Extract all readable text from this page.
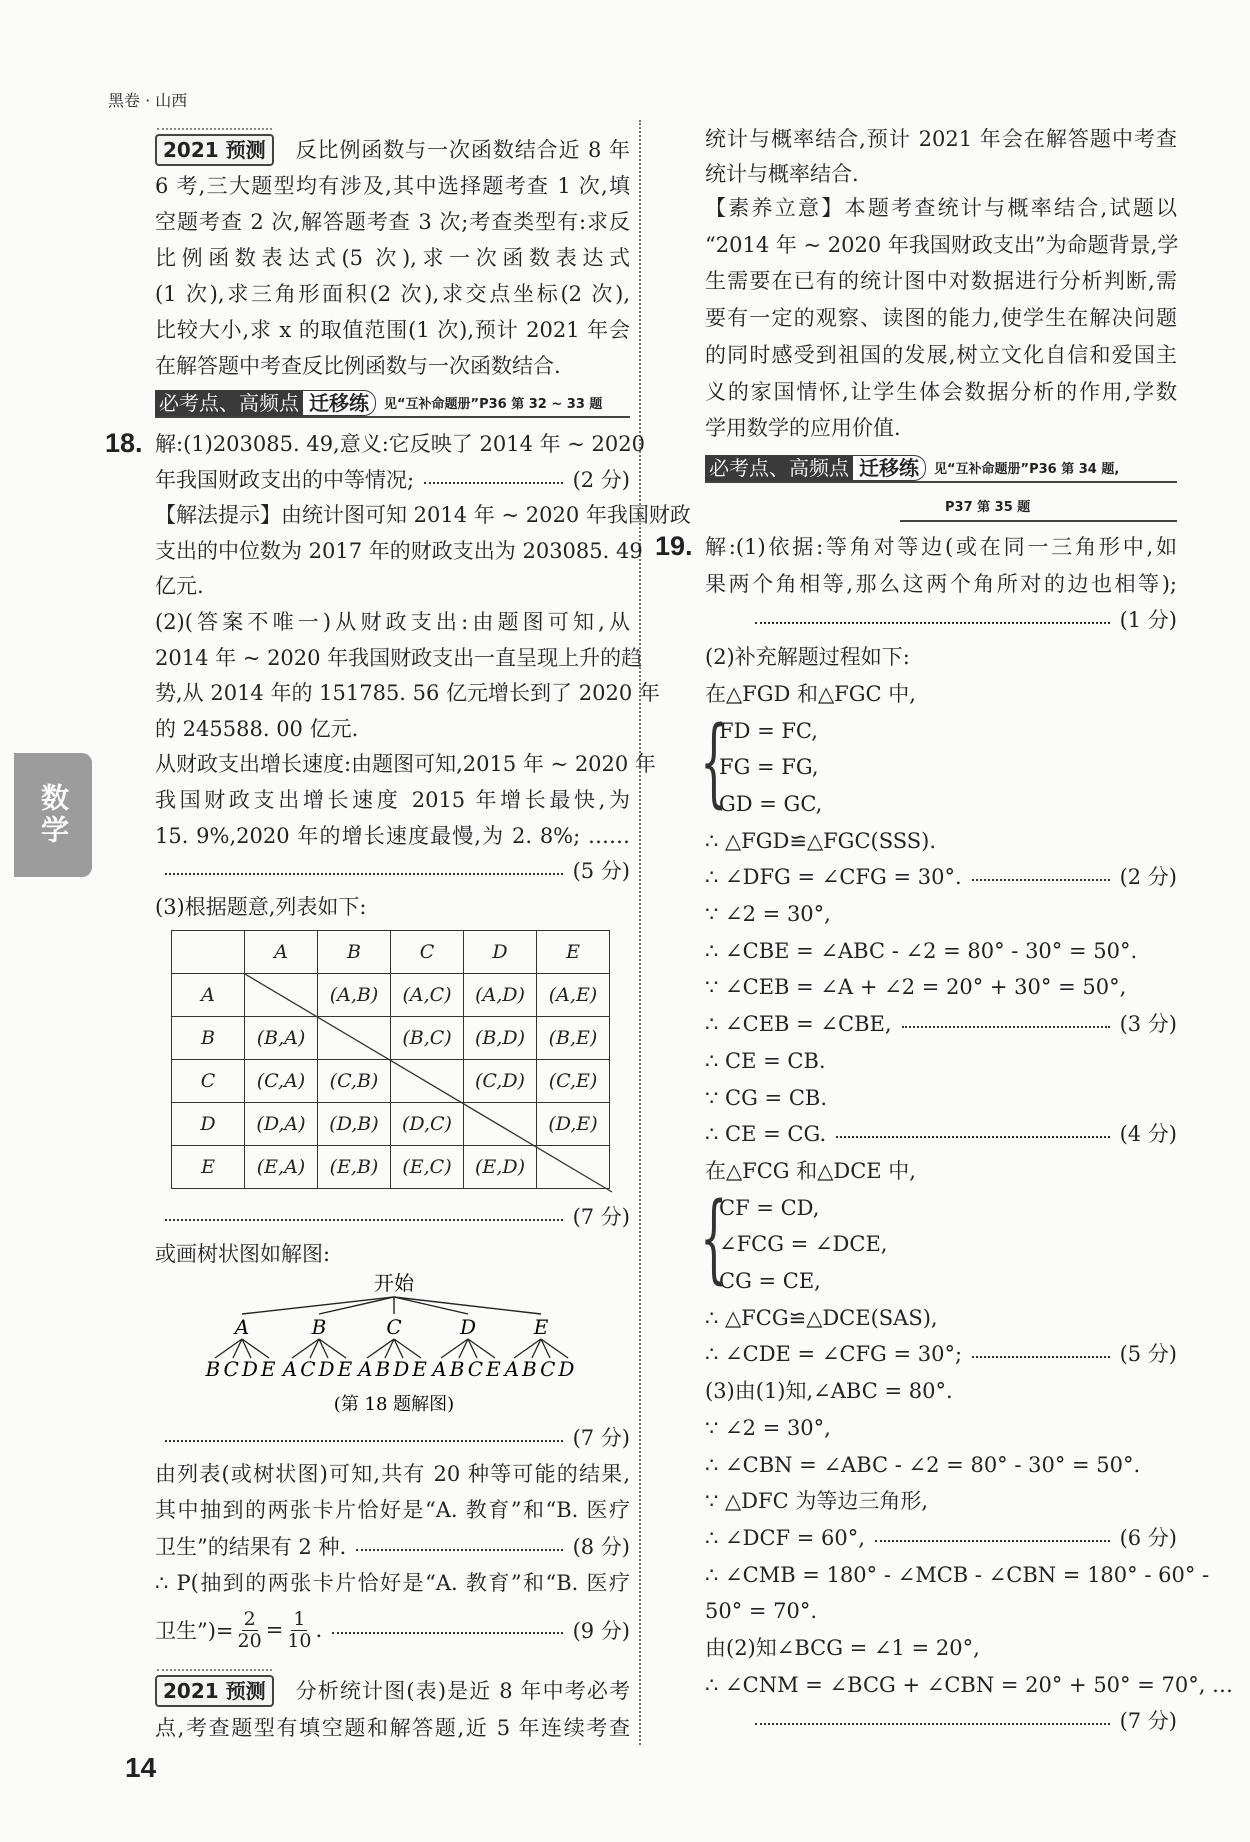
黑卷 · 山西
数学
14
2021 预测	反比例函数与一次函数结合近 8 年
6 考,三大题型均有涉及,其中选择题考查 1 次,填
空题考查 2 次,解答题考查 3 次;考查类型有:求反
比例函数表达式(5 次),求一次函数表达式
(1 次),求三角形面积(2 次),求交点坐标(2 次),
比较大小,求 x 的取值范围(1 次),预计 2021 年会
在解答题中考查反比例函数与一次函数结合.
必考点、高频点 迁移练	见“互补命题册”P36 第 32 ~ 33 题
18. 解:(1)203085. 49,意义:它反映了 2014 年 ~ 2020
年我国财政支出的中等情况;	(2 分)
【解法提示】由统计图可知 2014 年 ~ 2020 年我国财政
支出的中位数为 2017 年的财政支出为 203085. 49
亿元.
(2)(答案不唯一)从财政支出:由题图可知,从
2014 年 ~ 2020 年我国财政支出一直呈现上升的趋
势,从 2014 年的 151785. 56 亿元增长到了 2020 年
的 245588. 00 亿元.
从财政支出增长速度:由题图可知,2015 年 ~ 2020 年
我国财政支出增长速度 2015 年增长最快,为
15. 9%,2020 年的增长速度最慢,为 2. 8%; ……
(5 分)
(3)根据题意,列表如下:
	A	B	C	D	E
A		(A,B)	(A,C)	(A,D)	(A,E)
B	(B,A)		(B,C)	(B,D)	(B,E)
C	(C,A)	(C,B)		(C,D)	(C,E)
D	(D,A)	(D,B)	(D,C)		(D,E)
E	(E,A)	(E,B)	(E,C)	(E,D)	
(7 分)
或画树状图如解图:
开始
A
BCDE
B
ACDE
C
ABDE
D
ABCE
E
ABCD
(第 18 题解图)
(7 分)
由列表(或树状图)可知,共有 20 种等可能的结果,
其中抽到的两张卡片恰好是“A. 教育”和“B. 医疗
卫生”的结果有 2 种.	(8 分)
∴ P(抽到的两张卡片恰好是“A. 教育”和“B. 医疗
卫生”)= $\frac{2}{20} = \frac{1}{10}$ .	(9 分)
2021 预测	分析统计图(表)是近 8 年中考必考
点,考查题型有填空题和解答题,近 5 年连续考查
统计与概率结合,预计 2021 年会在解答题中考查
统计与概率结合.
【素养立意】本题考查统计与概率结合,试题以
“2014 年 ~ 2020 年我国财政支出”为命题背景,学
生需要在已有的统计图中对数据进行分析判断,需
要有一定的观察、读图的能力,使学生在解决问题
的同时感受到祖国的发展,树立文化自信和爱国主
义的家国情怀,让学生体会数据分析的作用,学数
学用数学的应用价值.
必考点、高频点 迁移练	见“互补命题册”P36 第 34 题,
P37 第 35 题
19. 解:(1)依据:等角对等边(或在同一三角形中,如
果两个角相等,那么这两个角所对的边也相等);
(1 分)
(2)补充解题过程如下:
在△FGD 和△FGC 中,
FD = FC,
FG = FG,
GD = GC,
∴ △FGD≌△FGC(SSS).
∴ ∠DFG = ∠CFG = 30°.	(2 分)
∵ ∠2 = 30°,
∴ ∠CBE = ∠ABC - ∠2 = 80° - 30° = 50°.
∵ ∠CEB = ∠A + ∠2 = 20° + 30° = 50°,
∴ ∠CEB = ∠CBE,	(3 分)
∴ CE = CB.
∵ CG = CB.
∴ CE = CG.	(4 分)
在△FCG 和△DCE 中,
CF = CD,
∠FCG = ∠DCE,
CG = CE,
∴ △FCG≌△DCE(SAS),
∴ ∠CDE = ∠CFG = 30°;	(5 分)
(3)由(1)知,∠ABC = 80°.
∵ ∠2 = 30°,
∴ ∠CBN = ∠ABC - ∠2 = 80° - 30° = 50°.
∵ △DFC 为等边三角形,
∴ ∠DCF = 60°,	(6 分)
∴ ∠CMB = 180° - ∠MCB - ∠CBN = 180° - 60° -
50° = 70°.
由(2)知∠BCG = ∠1 = 20°,
∴ ∠CNM = ∠BCG + ∠CBN = 20° + 50° = 70°, …
(7 分)
{
{
